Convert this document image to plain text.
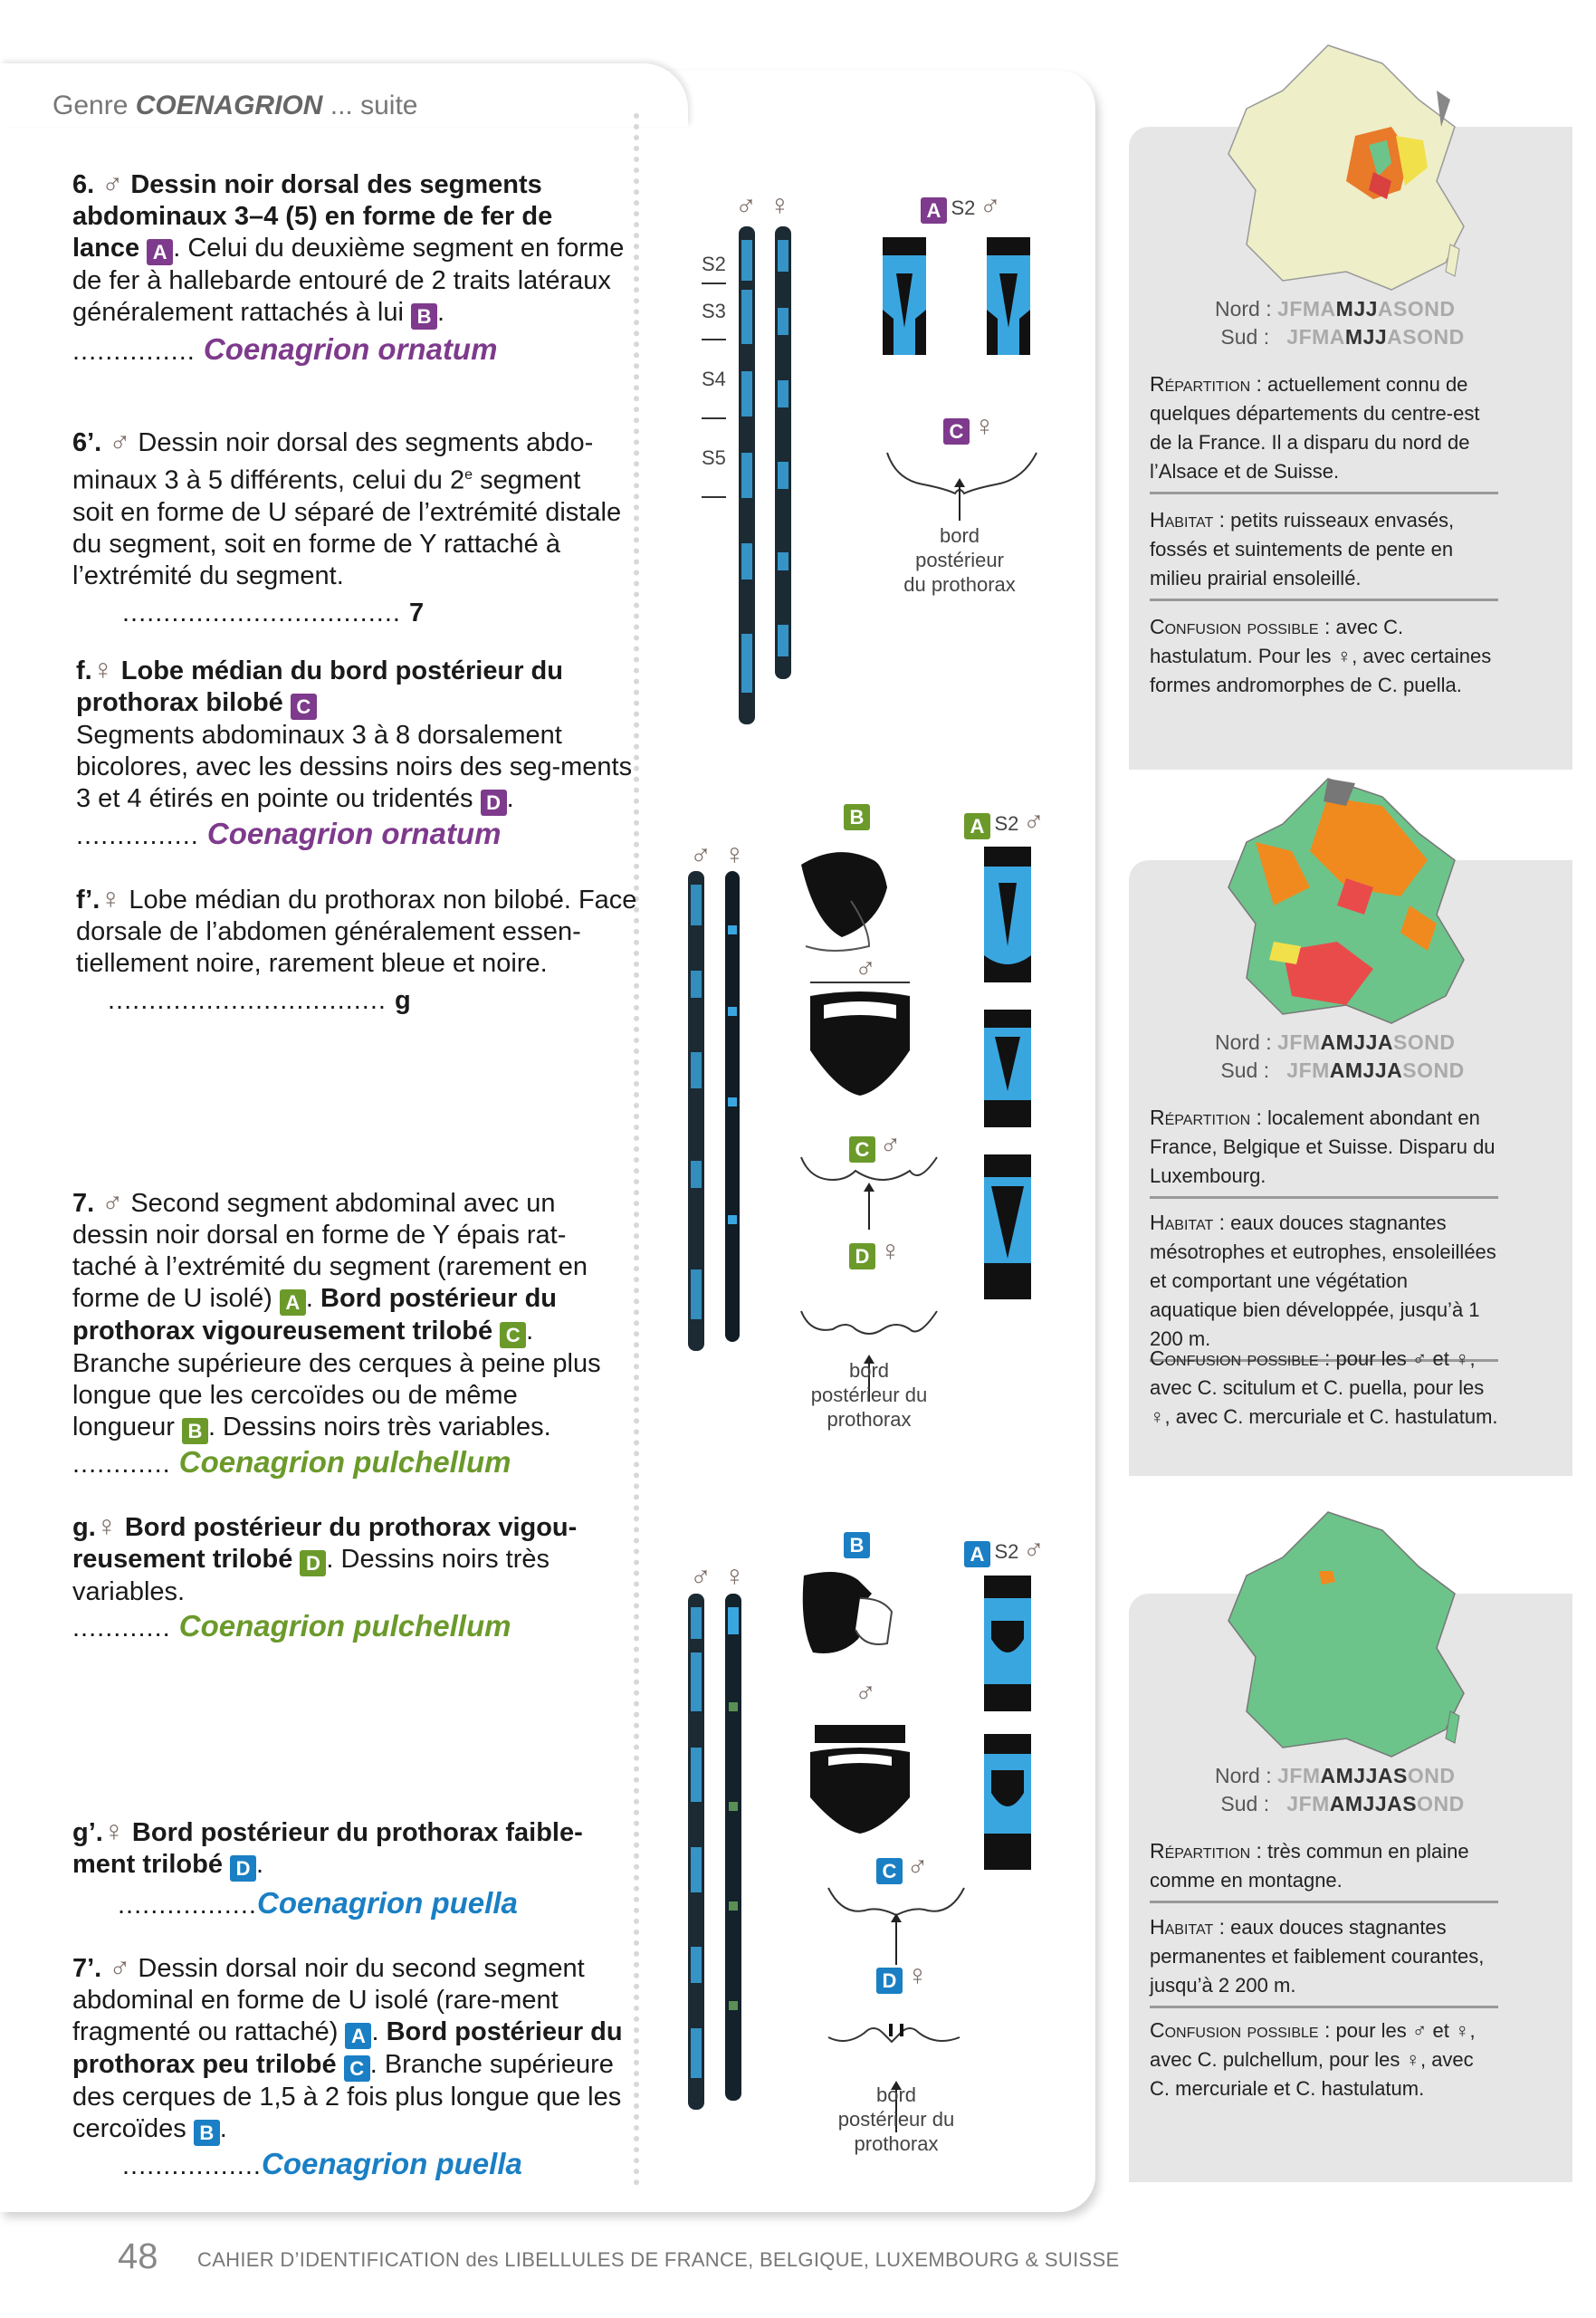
Genre COENAGRION ... suite
6. ♂ Dessin noir dorsal des segments abdominaux 3–4 (5) en forme de fer de lance A . Celui du deuxième segment en forme de fer à hallebarde entouré de 2 traits latéraux généralement rattachés à lui B .
............... Coenagrion ornatum
6’. ♂ Dessin noir dorsal des segments abdo-minaux 3 à 5 différents, celui du 2e segment soit en forme de U séparé de l’extrémité distale du segment, soit en forme de Y rattaché à l’extrémité du segment.
.................................. 7
f.♀ Lobe médian du bord postérieur du prothorax bilobé C
Segments abdominaux 3 à 8 dorsalement bicolores, avec les dessins noirs des seg-ments 3 et 4 étirés en pointe ou tridentés D .
............... Coenagrion ornatum
f’.♀ Lobe médian du prothorax non bilobé. Face dorsale de l’abdomen généralement essen-tiellement noire, rarement bleue et noire.
.................................. g
7. ♂ Second segment abdominal avec un dessin noir dorsal en forme de Y épais rat-taché à l’extrémité du segment (rarement en forme de U isolé) A . Bord postérieur du prothorax vigoureusement trilobé C . Branche supérieure des cerques à peine plus longue que les cercoïdes ou de même longueur B . Dessins noirs très variables.
............ Coenagrion pulchellum
g.♀ Bord postérieur du prothorax vigou-reusement trilobé D . Dessins noirs très variables.
............ Coenagrion pulchellum
g’.♀ Bord postérieur du prothorax faible-ment trilobé D .
.................Coenagrion puella
7’. ♂ Dessin dorsal noir du second segment abdominal en forme de U isolé (rare-ment fragmenté ou rattaché) A . Bord postérieur du prothorax peu trilobé C . Branche supérieure des cerques de 1,5 à 2 fois plus longue que les cercoïdes B .
.................Coenagrion puella
♂ ♀
S2
S3
S4
S5
A S2 ♂
C ♀
bord
postérieur
du prothorax
♂ ♀
B
♂
A S2 ♂
C ♂
D ♀
bord
postérieur du
prothorax
♂ ♀
B
♂
A S2 ♂
C ♂
D ♀
bord
postérieur du
prothorax
Nord : JFMAMJJASOND
Sud : JFMAMJJASOND
Répartition : actuellement connu de quelques départements du centre-est de la France. Il a disparu du nord de l’Alsace et de Suisse.
Habitat : petits ruisseaux envasés, fossés et suintements de pente en milieu prairial ensoleillé.
Confusion possible : avec C. hastulatum. Pour les ♀, avec certaines formes andromorphes de C. puella.
Nord : JFMAMJJASOND
Sud : JFMAMJJASOND
Répartition : localement abondant en France, Belgique et Suisse. Disparu du Luxembourg.
Habitat : eaux douces stagnantes mésotrophes et eutrophes, ensoleillées et comportant une végétation aquatique bien développée, jusqu’à 1 200 m.
Confusion possible : pour les ♂ et ♀, avec C. scitulum et C. puella, pour les ♀, avec C. mercuriale et C. hastulatum.
Nord : JFMAMJJASOND
Sud : JFMAMJJASOND
Répartition : très commun en plaine comme en montagne.
Habitat : eaux douces stagnantes permanentes et faiblement courantes, jusqu’à 2 200 m.
Confusion possible : pour les ♂ et ♀, avec C. pulchellum, pour les ♀, avec C. mercuriale et C. hastulatum.
48 CAHIER D’IDENTIFICATION des LIBELLULES DE FRANCE, BELGIQUE, LUXEMBOURG & SUISSE
